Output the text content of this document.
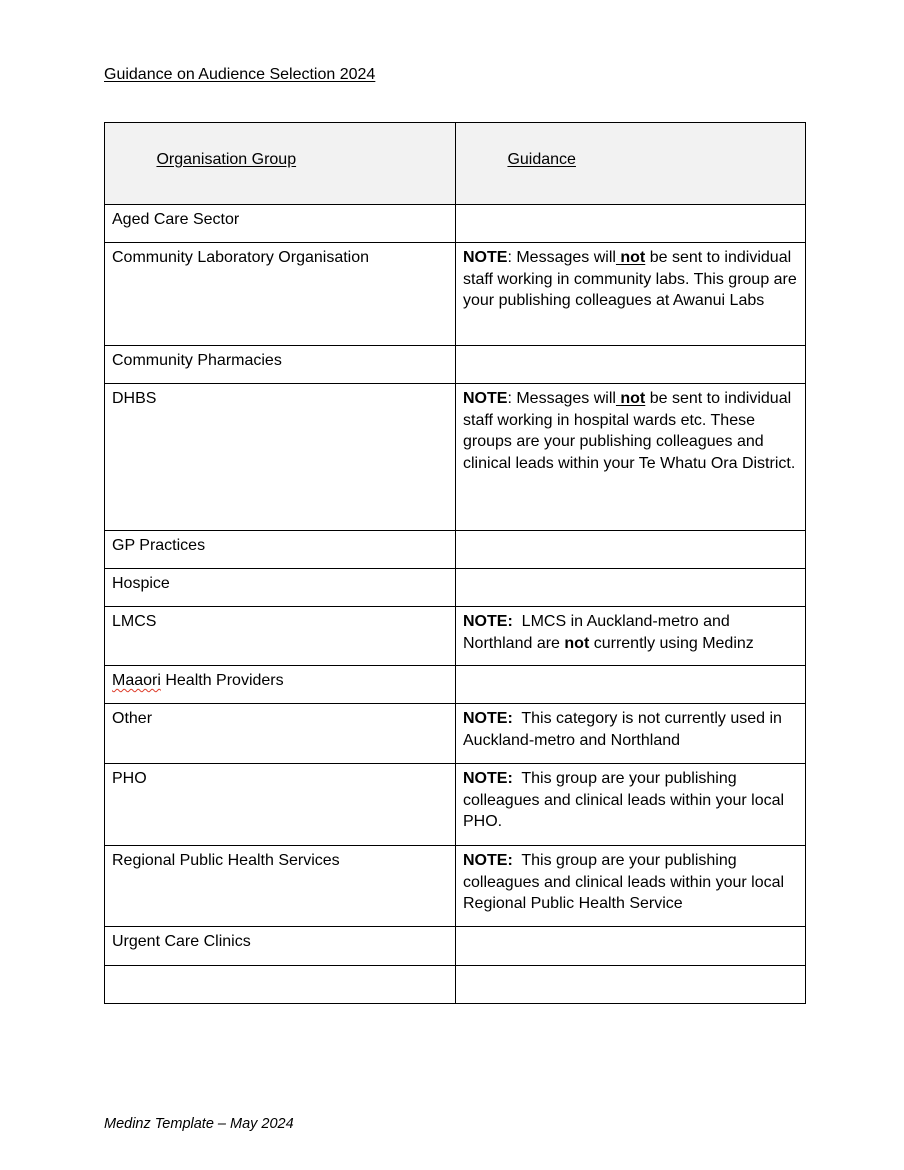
Guidance on Audience Selection 2024

Organisation Group	Guidance

Aged Care Sector	
Community Laboratory Organisation	NOTE: Messages will not be sent to individual staff working in community labs. This group are your publishing colleagues at Awanui Labs
Community Pharmacies	
DHBS	NOTE: Messages will not be sent to individual staff working in hospital wards etc. These groups are your publishing colleagues and clinical leads within your Te Whatu Ora District.
GP Practices	
Hospice	
LMCS	NOTE:  LMCS in Auckland-metro and Northland are not currently using Medinz
Maaori Health Providers	
Other	NOTE:  This category is not currently used in Auckland-metro and Northland
PHO	NOTE:  This group are your publishing colleagues and clinical leads within your local PHO.
Regional Public Health Services	NOTE:  This group are your publishing colleagues and clinical leads within your local Regional Public Health Service
Urgent Care Clinics	

Medinz Template – May 2024
